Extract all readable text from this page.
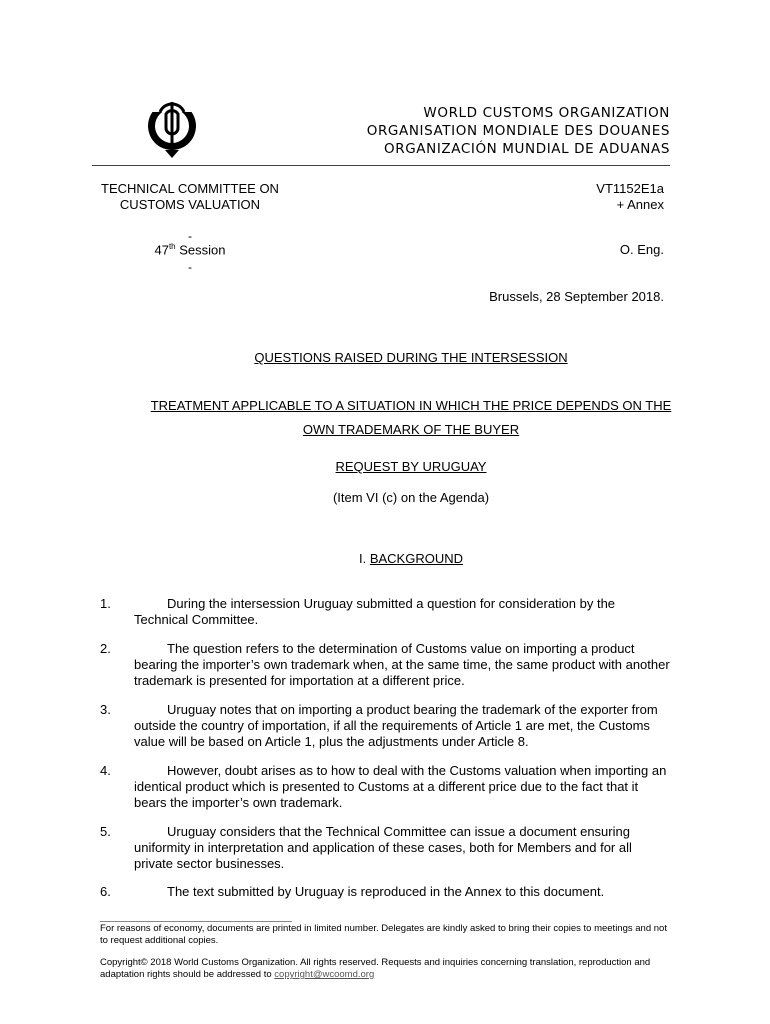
WORLD CUSTOMS ORGANIZATION
ORGANISATION MONDIALE DES DOUANES
ORGANIZACIÓN MUNDIAL DE ADUANAS
TECHNICAL COMMITTEE ON
CUSTOMS VALUATION
VT1152E1a
+ Annex
-
47th Session
-
O. Eng.
Brussels, 28 September 2018.
QUESTIONS RAISED DURING THE INTERSESSION
TREATMENT APPLICABLE TO A SITUATION IN WHICH THE PRICE DEPENDS ON THE
OWN TRADEMARK OF THE BUYER
REQUEST BY URUGUAY
(Item VI (c) on the Agenda)
I. BACKGROUND
1.	During the intersession Uruguay submitted a question for consideration by the Technical Committee.
2.	The question refers to the determination of Customs value on importing a product bearing the importer’s own trademark when, at the same time, the same product with another trademark is presented for importation at a different price.
3.	Uruguay notes that on importing a product bearing the trademark of the exporter from outside the country of importation, if all the requirements of Article 1 are met, the Customs value will be based on Article 1, plus the adjustments under Article 8.
4.	However, doubt arises as to how to deal with the Customs valuation when importing an identical product which is presented to Customs at a different price due to the fact that it bears the importer’s own trademark.
5.	Uruguay considers that the Technical Committee can issue a document ensuring uniformity in interpretation and application of these cases, both for Members and for all private sector businesses.
6.	The text submitted by Uruguay is reproduced in the Annex to this document.
For reasons of economy, documents are printed in limited number. Delegates are kindly asked to bring their copies to meetings and not to request additional copies.
Copyright© 2018 World Customs Organization. All rights reserved. Requests and inquiries concerning translation, reproduction and adaptation rights should be addressed to copyright@wcoomd.org
